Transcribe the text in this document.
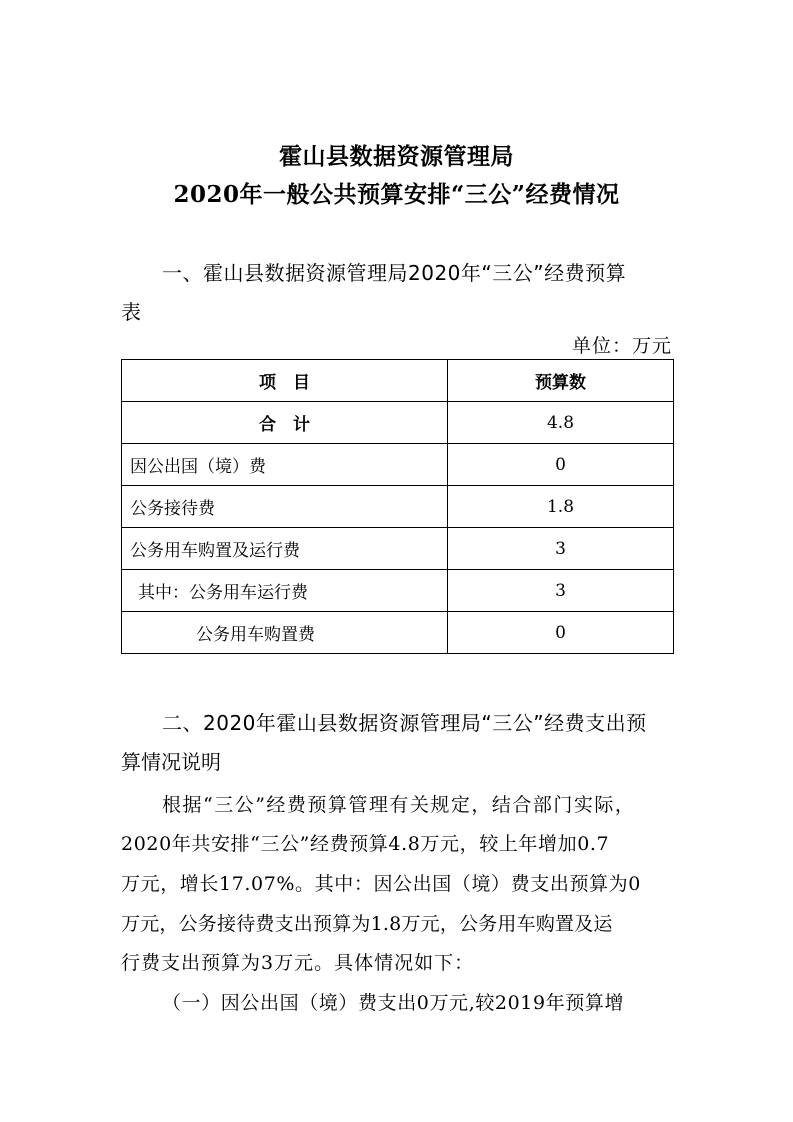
霍山县数据资源管理局
2020年一般公共预算安排“三公”经费情况
一、霍山县数据资源管理局2020年“三公”经费预算
表
单位：万元
项　目	预算数
合　计	4.8
因公出国（境）费	0
公务接待费	1.8
公务用车购置及运行费	3
其中：公务用车运行费	3
公务用车购置费	0
二、2020年霍山县数据资源管理局“三公”经费支出预
算情况说明
根据“三公”经费预算管理有关规定，结合部门实际，
2020年共安排“三公”经费预算4.8万元，较上年增加0.7
万元，增长17.07%。其中：因公出国（境）费支出预算为0
万元，公务接待费支出预算为1.8万元，公务用车购置及运
行费支出预算为3万元。具体情况如下：
（一）因公出国（境）费支出0万元,较2019年预算增
